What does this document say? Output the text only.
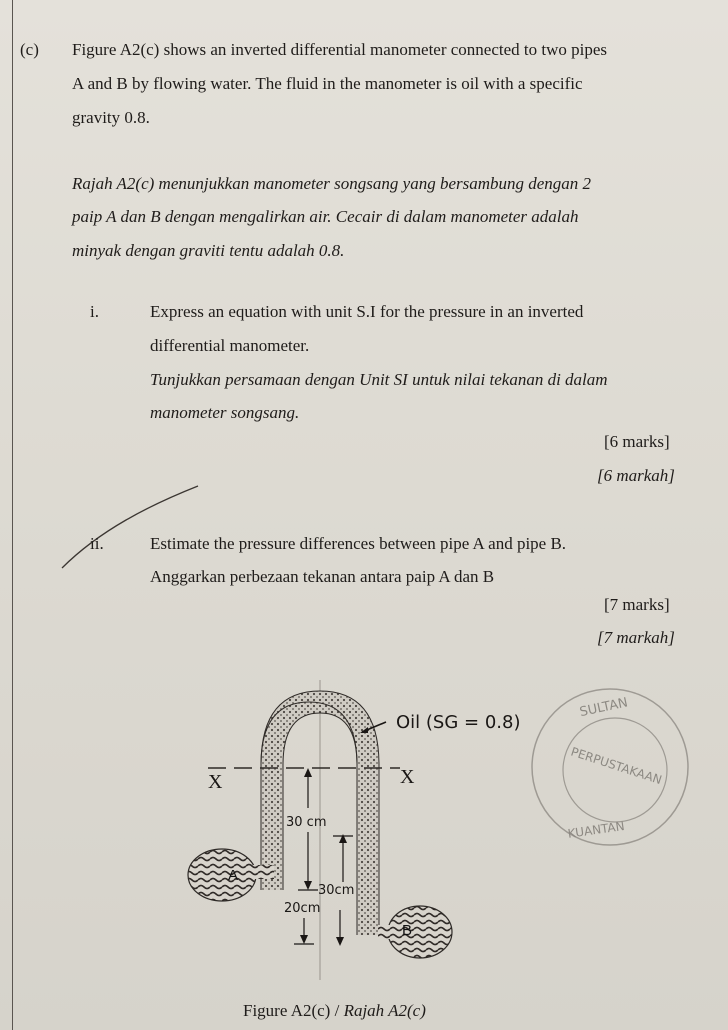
(c) Figure A2(c) shows an inverted differential manometer connected to two pipes
A and B by flowing water. The fluid in the manometer is oil with a specific
gravity 0.8.
Rajah A2(c) menunjukkan manometer songsang yang bersambung dengan 2
paip A dan B dengan mengalirkan air. Cecair di dalam manometer adalah
minyak dengan graviti tentu adalah 0.8.
i.	Express an equation with unit S.I for the pressure in an inverted
differential manometer.
Tunjukkan persamaan dengan Unit SI untuk nilai tekanan di dalam
manometer songsang.
[6 marks]
[6 markah]
ii.	Estimate the pressure differences between pipe A and pipe B.
Anggarkan perbezaan tekanan antara paip A dan B
[7 marks]
[7 markah]
A
B
X	X
Oil (SG = 0.8)
30 cm
30cm
20cm
SULTAN
PERPUSTAKAAN
KUANTAN
Figure A2(c) / Rajah A2(c)
